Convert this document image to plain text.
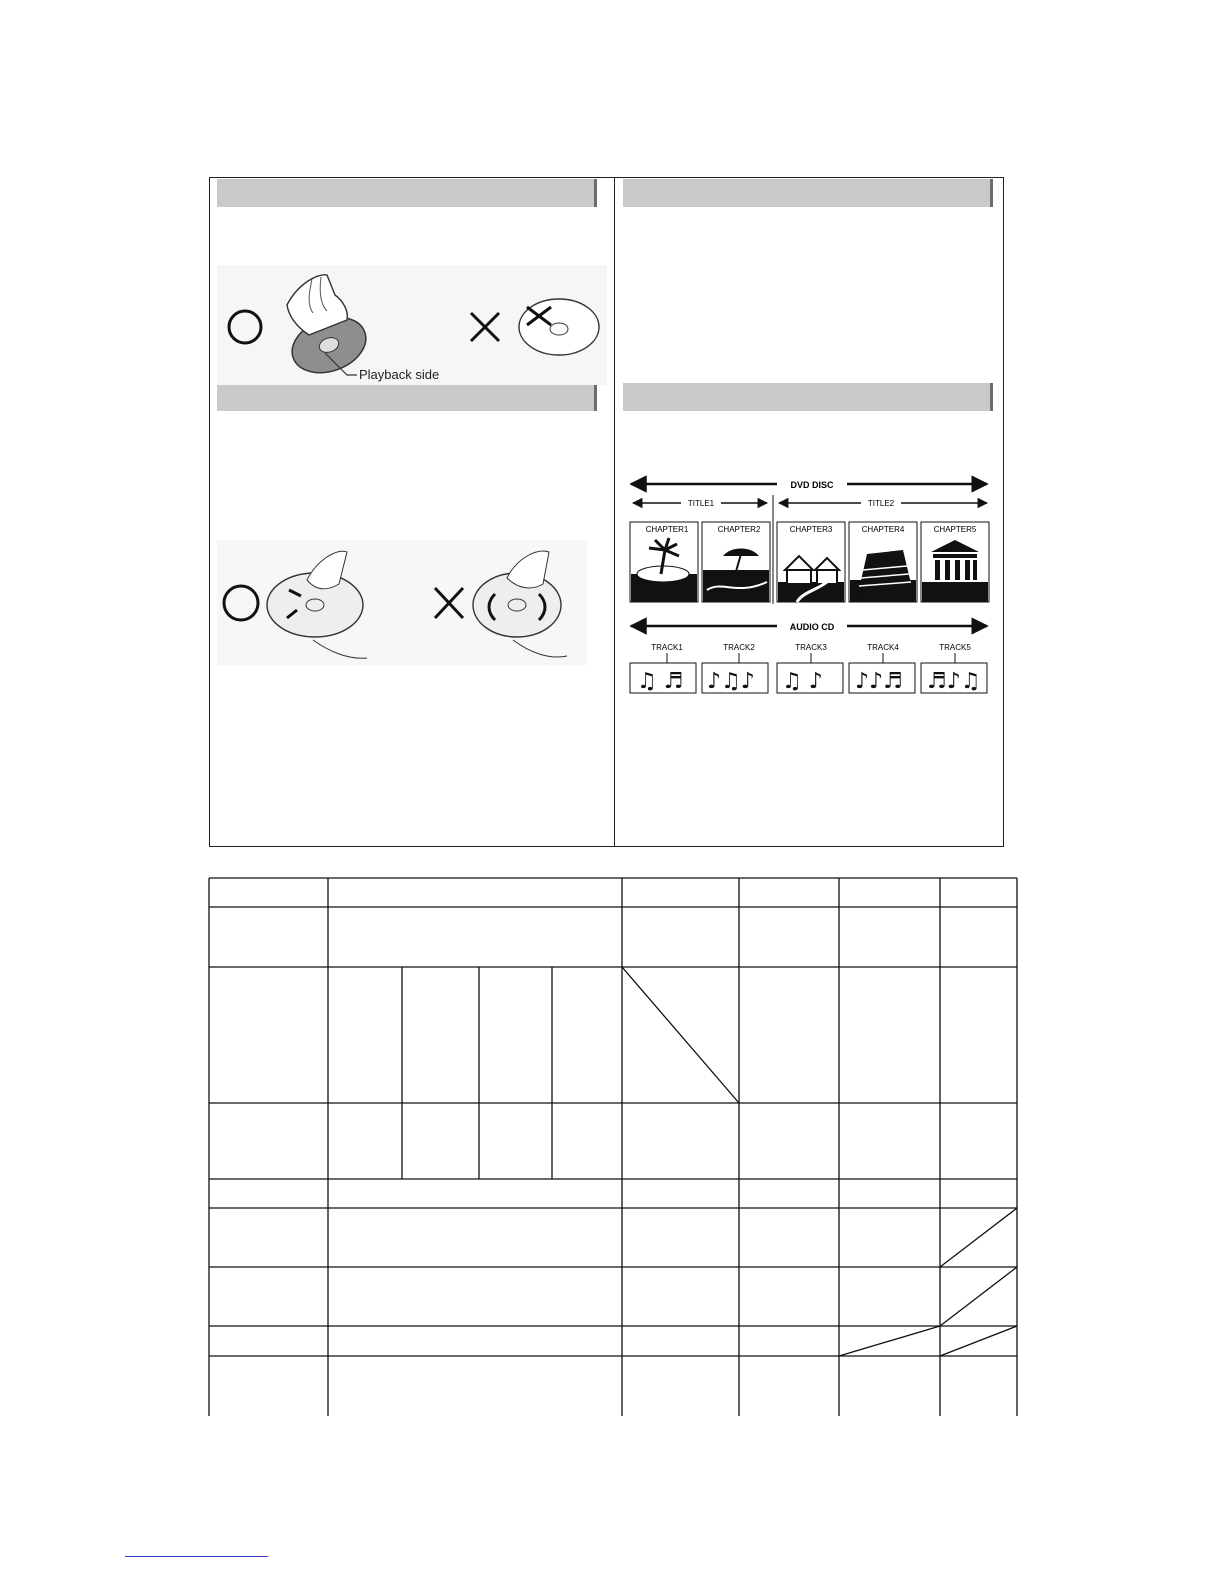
Playback side
DVD DISC
TITLE1	TITLE2
CHAPTER1	CHAPTER2	CHAPTER3	CHAPTER4	CHAPTER5
AUDIO CD
TRACK1	TRACK2	TRACK3	TRACK4	TRACK5
♫ ♬ ♪♫♪ ♫ ♪ ♪♪♬ ♬♪♫
